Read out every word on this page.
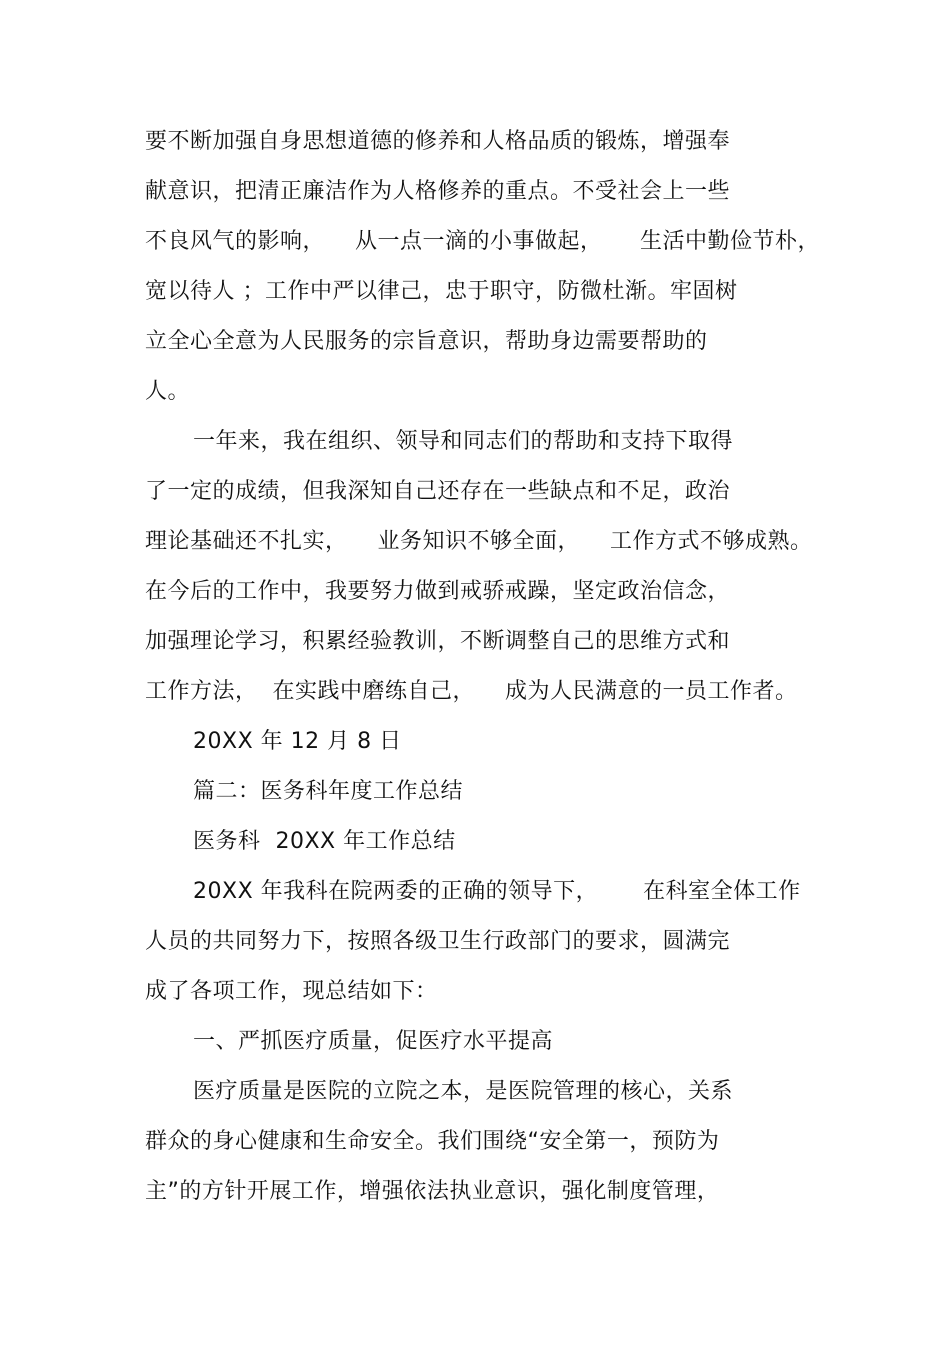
要不断加强自身思想道德的修养和人格品质的锻炼，增强奉
献意识，把清正廉洁作为人格修养的重点。不受社会上一些
不良风气的影响，    从一点一滴的小事做起，     生活中勤俭节朴，
宽以待人 ；工作中严以律己，忠于职守，防微杜渐。牢固树
立全心全意为人民服务的宗旨意识，帮助身边需要帮助的
人。
一年来，我在组织、领导和同志们的帮助和支持下取得
了一定的成绩，但我深知自己还存在一些缺点和不足，政治
理论基础还不扎实，    业务知识不够全面，    工作方式不够成熟。
在今后的工作中，我要努力做到戒骄戒躁，坚定政治信念，
加强理论学习，积累经验教训，不断调整自己的思维方式和
工作方法，  在实践中磨练自己，    成为人民满意的一员工作者。
20XX 年 12 月 8 日
篇二：医务科年度工作总结
医务科  20XX 年工作总结
20XX 年我科在院两委的正确的领导下，      在科室全体工作
人员的共同努力下，按照各级卫生行政部门的要求，圆满完
成了各项工作，现总结如下：
一、严抓医疗质量，促医疗水平提高
医疗质量是医院的立院之本，是医院管理的核心，关系
群众的身心健康和生命安全。我们围绕“安全第一，预防为
主”的方针开展工作，增强依法执业意识，强化制度管理，
